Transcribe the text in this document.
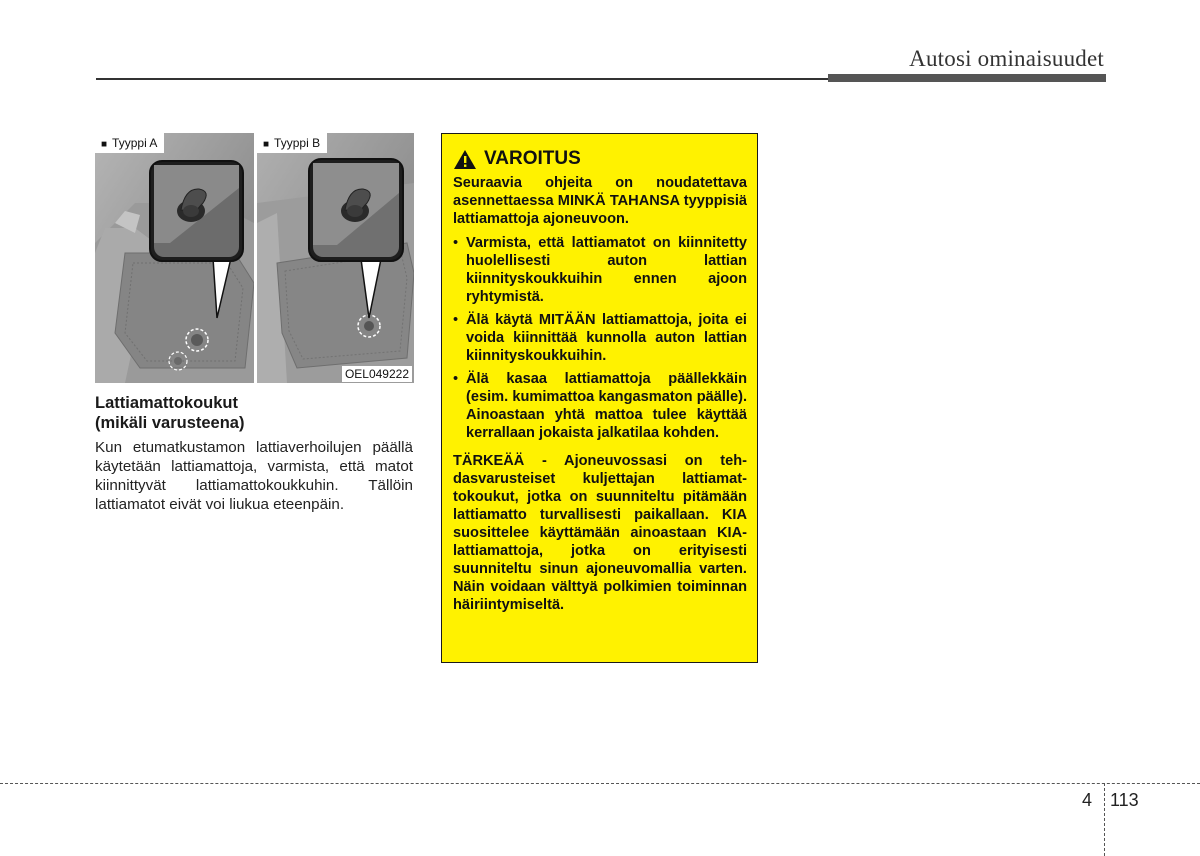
Autosi ominaisuudet
■ Tyyppi A	■ Tyyppi B
OEL049222
Lattiamattokoukut
(mikäli varusteena)
Kun etumatkustamon lattiaverhoilujen päällä käytetään lattiamattoja, varmista, että matot kiinnittyvät lattiamattokoukkuhin. Tällöin lattiamatot eivät voi liukua eteenpäin.
VAROITUS

Seuraavia ohjeita on noudatettava asennettaessa MINKÄ TAHANSA tyyppisiä lattiamattoja ajoneuvoon.

• Varmista, että lattiamatot on kiinnitetty huolellisesti auton lattian kiinnityskoukkuihin ennen ajoon ryhtymistä.
• Älä käytä MITÄÄN lattiamattoja, joita ei voida kiinnittää kunnolla auton lattian kiinnityskoukkuihin.
• Älä kasaa lattiamattoja päällekkäin (esim. kumimattoa kangasmaton päälle). Ainoastaan yhtä mattoa tulee käyttää kerrallaan jokaista jalkatilaa kohden.
TÄRKEÄÄ - Ajoneuvossasi on tehdasvarusteiset kuljettajan lattiamattokoukut, jotka on suunniteltu pitämään lattiamatto turvallisesti paikallaan. KIA suosittelee käyttämään ainoastaan KIA-lattiamattoja, jotka on erityisesti suunniteltu sinun ajoneuvomallia varten. Näin voidaan välttyä polkimien toiminnan häiriintymiseltä.
4 113
